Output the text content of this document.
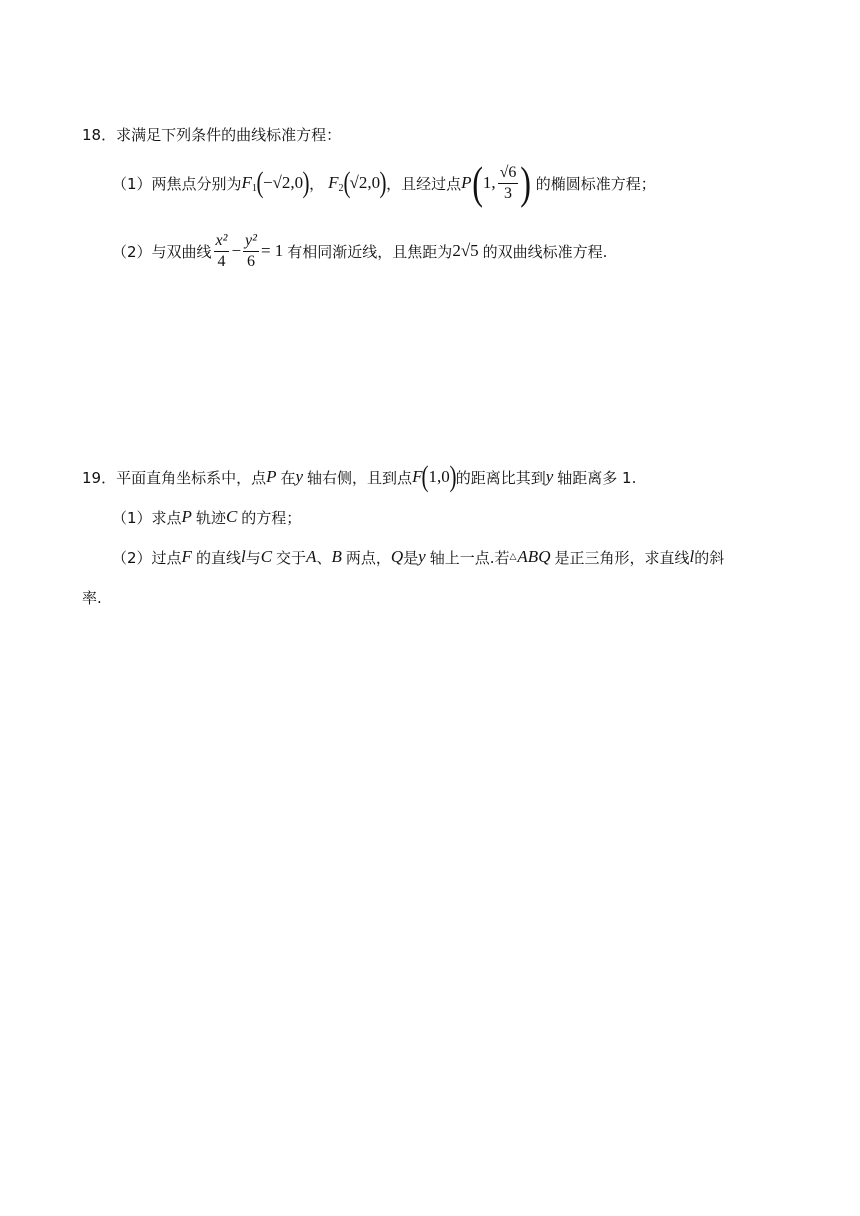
18．求满足下列条件的曲线标准方程：
（1）两焦点分别为 $F_1$ ( −√2,0 ) ， $F_2$ ( √2,0 ) ，且经过点 P ( 1, $\frac{√6}{3}$ ) 的椭圆标准方程；
（2）与双曲线 $\frac{\text{x²}}{4} - \frac{\text{y²}}{6} = 1$ 有相同渐近线，且焦距为 2√5 的双曲线标准方程.
19．平面直角坐标系中，点 P 在 y 轴右侧，且到点 F ( 1,0 ) 的距离比其到 y 轴距离多 1.
（1）求点 P 轨迹 C 的方程；
（2）过点 F 的直线 l 与 C 交于 A 、 B 两点， Q 是 y 轴上一点.若 △ ABQ 是正三角形，求直线 l 的斜
率.
